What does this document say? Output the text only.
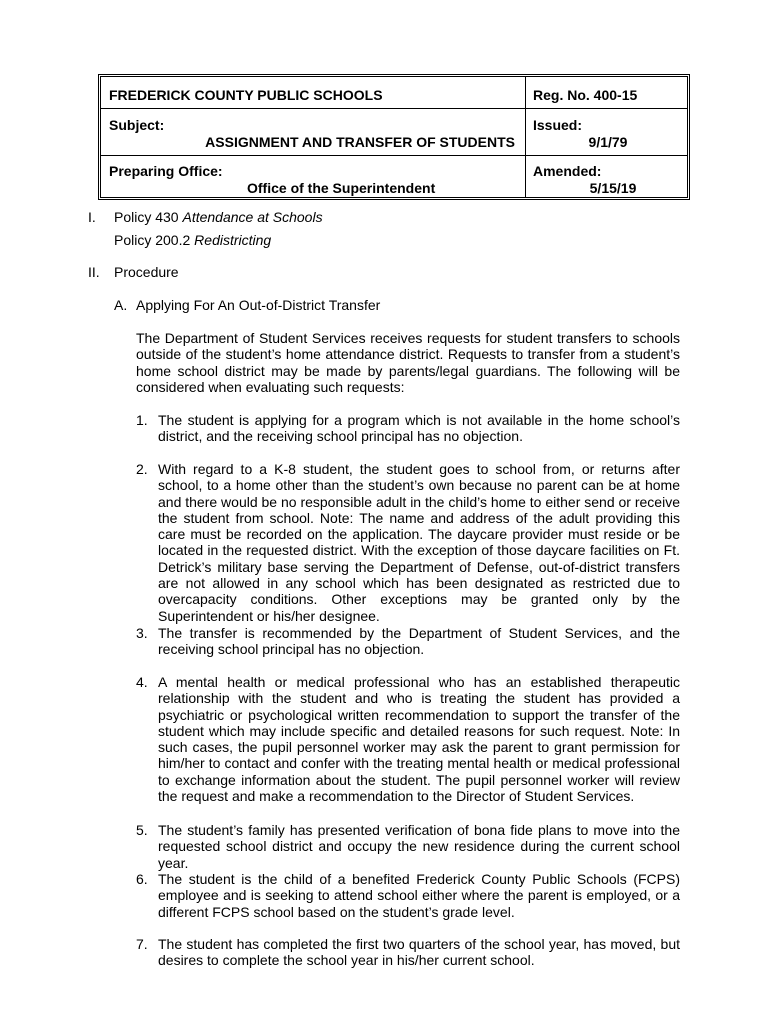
FREDERICK COUNTY PUBLIC SCHOOLS	Reg. No. 400-15
Subject:
ASSIGNMENT AND TRANSFER OF STUDENTS
Issued:
9/1/79
Preparing Office:
Office of the Superintendent
Amended:
5/15/19
I. Policy 430 Attendance at Schools
Policy 200.2 Redistricting
II. Procedure
A. Applying For An Out-of-District Transfer
The Department of Student Services receives requests for student transfers to schools outside of the student’s home attendance district. Requests to transfer from a student’s home school district may be made by parents/legal guardians. The following will be considered when evaluating such requests:
1. The student is applying for a program which is not available in the home school’s district, and the receiving school principal has no objection.
2. With regard to a K-8 student, the student goes to school from, or returns after school, to a home other than the student’s own because no parent can be at home and there would be no responsible adult in the child’s home to either send or receive the student from school. Note: The name and address of the adult providing this care must be recorded on the application. The daycare provider must reside or be located in the requested district. With the exception of those daycare facilities on Ft. Detrick’s military base serving the Department of Defense, out-of-district transfers are not allowed in any school which has been designated as restricted due to overcapacity conditions. Other exceptions may be granted only by the Superintendent or his/her designee.
3. The transfer is recommended by the Department of Student Services, and the receiving school principal has no objection.
4. A mental health or medical professional who has an established therapeutic relationship with the student and who is treating the student has provided a psychiatric or psychological written recommendation to support the transfer of the student which may include specific and detailed reasons for such request. Note: In such cases, the pupil personnel worker may ask the parent to grant permission for him/her to contact and confer with the treating mental health or medical professional to exchange information about the student. The pupil personnel worker will review the request and make a recommendation to the Director of Student Services.
5. The student’s family has presented verification of bona fide plans to move into the requested school district and occupy the new residence during the current school year.
6. The student is the child of a benefited Frederick County Public Schools (FCPS) employee and is seeking to attend school either where the parent is employed, or a different FCPS school based on the student’s grade level.
7. The student has completed the first two quarters of the school year, has moved, but desires to complete the school year in his/her current school.
